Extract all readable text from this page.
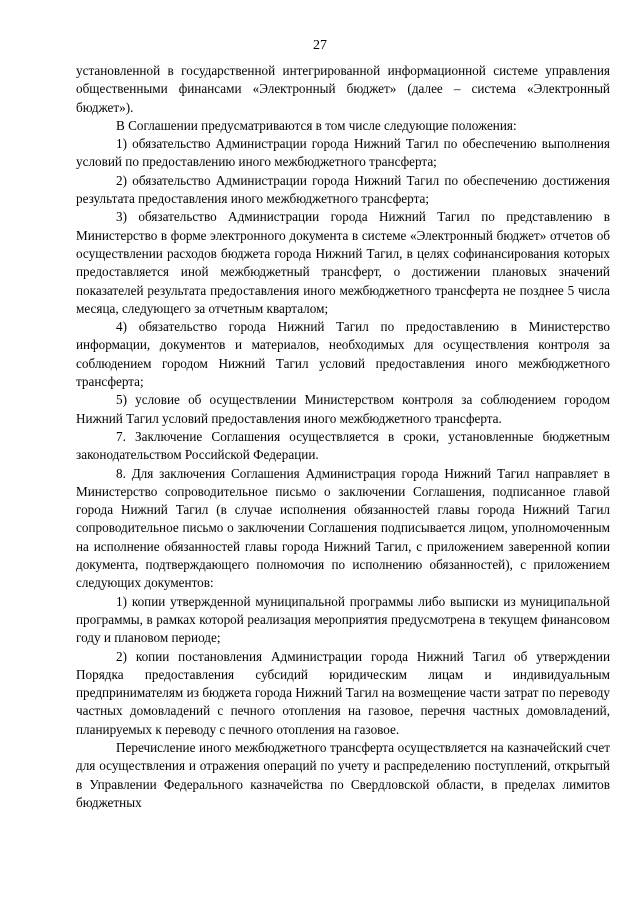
27

установленной в государственной интегрированной информационной системе управления общественными финансами «Электронный бюджет» (далее – система «Электронный бюджет»).

В Соглашении предусматриваются в том числе следующие положения:

1) обязательство Администрации города Нижний Тагил по обеспечению выполнения условий по предоставлению иного межбюджетного трансферта;

2) обязательство Администрации города Нижний Тагил по обеспечению достижения результата предоставления иного межбюджетного трансферта;

3) обязательство Администрации города Нижний Тагил по представлению в Министерство в форме электронного документа в системе «Электронный бюджет» отчетов об осуществлении расходов бюджета города Нижний Тагил, в целях софинансирования которых предоставляется иной межбюджетный трансферт, о достижении плановых значений показателей результата предоставления иного межбюджетного трансферта не позднее 5 числа месяца, следующего за отчетным кварталом;

4) обязательство города Нижний Тагил по предоставлению в Министерство информации, документов и материалов, необходимых для осуществления контроля за соблюдением городом Нижний Тагил условий предоставления иного межбюджетного трансферта;

5) условие об осуществлении Министерством контроля за соблюдением городом Нижний Тагил условий предоставления иного межбюджетного трансферта.

7. Заключение Соглашения осуществляется в сроки, установленные бюджетным законодательством Российской Федерации.

8. Для заключения Соглашения Администрация города Нижний Тагил направляет в Министерство сопроводительное письмо о заключении Соглашения, подписанное главой города Нижний Тагил (в случае исполнения обязанностей главы города Нижний Тагил сопроводительное письмо о заключении Соглашения подписывается лицом, уполномоченным на исполнение обязанностей главы города Нижний Тагил, с приложением заверенной копии документа, подтверждающего полномочия по исполнению обязанностей), с приложением следующих документов:

1) копии утвержденной муниципальной программы либо выписки из муниципальной программы, в рамках которой реализация мероприятия предусмотрена в текущем финансовом году и плановом периоде;

2) копии постановления Администрации города Нижний Тагил об утверждении Порядка предоставления субсидий юридическим лицам и индивидуальным предпринимателям из бюджета города Нижний Тагил на возмещение части затрат по переводу частных домовладений с печного отопления на газовое, перечня частных домовладений, планируемых к переводу с печного отопления на газовое.

Перечисление иного межбюджетного трансферта осуществляется на казначейский счет для осуществления и отражения операций по учету и распределению поступлений, открытый в Управлении Федерального казначейства по Свердловской области, в пределах лимитов бюджетных
